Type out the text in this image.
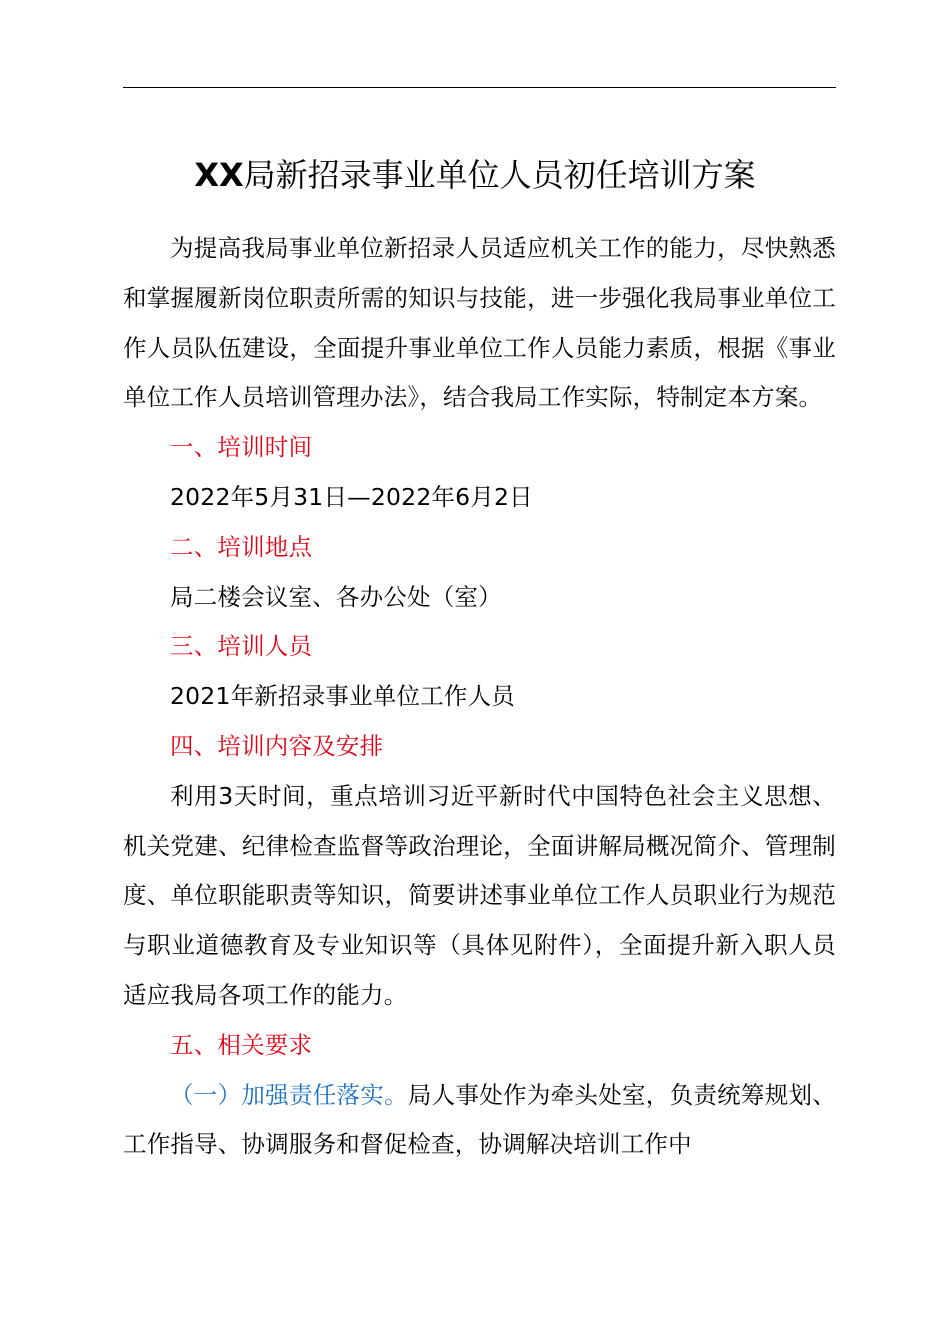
XX局新招录事业单位人员初任培训方案

为提高我局事业单位新招录人员适应机关工作的能力，尽快熟悉和掌握履新岗位职责所需的知识与技能，进一步强化我局事业单位工作人员队伍建设，全面提升事业单位工作人员能力素质，根据《事业单位工作人员培训管理办法》，结合我局工作实际，特制定本方案。

一、培训时间

2022年5月31日—2022年6月2日

二、培训地点

局二楼会议室、各办公处（室）

三、培训人员

2021年新招录事业单位工作人员

四、培训内容及安排

利用3天时间，重点培训习近平新时代中国特色社会主义思想、机关党建、纪律检查监督等政治理论，全面讲解局概况简介、管理制度、单位职能职责等知识，简要讲述事业单位工作人员职业行为规范与职业道德教育及专业知识等（具体见附件），全面提升新入职人员适应我局各项工作的能力。

五、相关要求

（一）加强责任落实。局人事处作为牵头处室，负责统筹规划、工作指导、协调服务和督促检查，协调解决培训工作中
